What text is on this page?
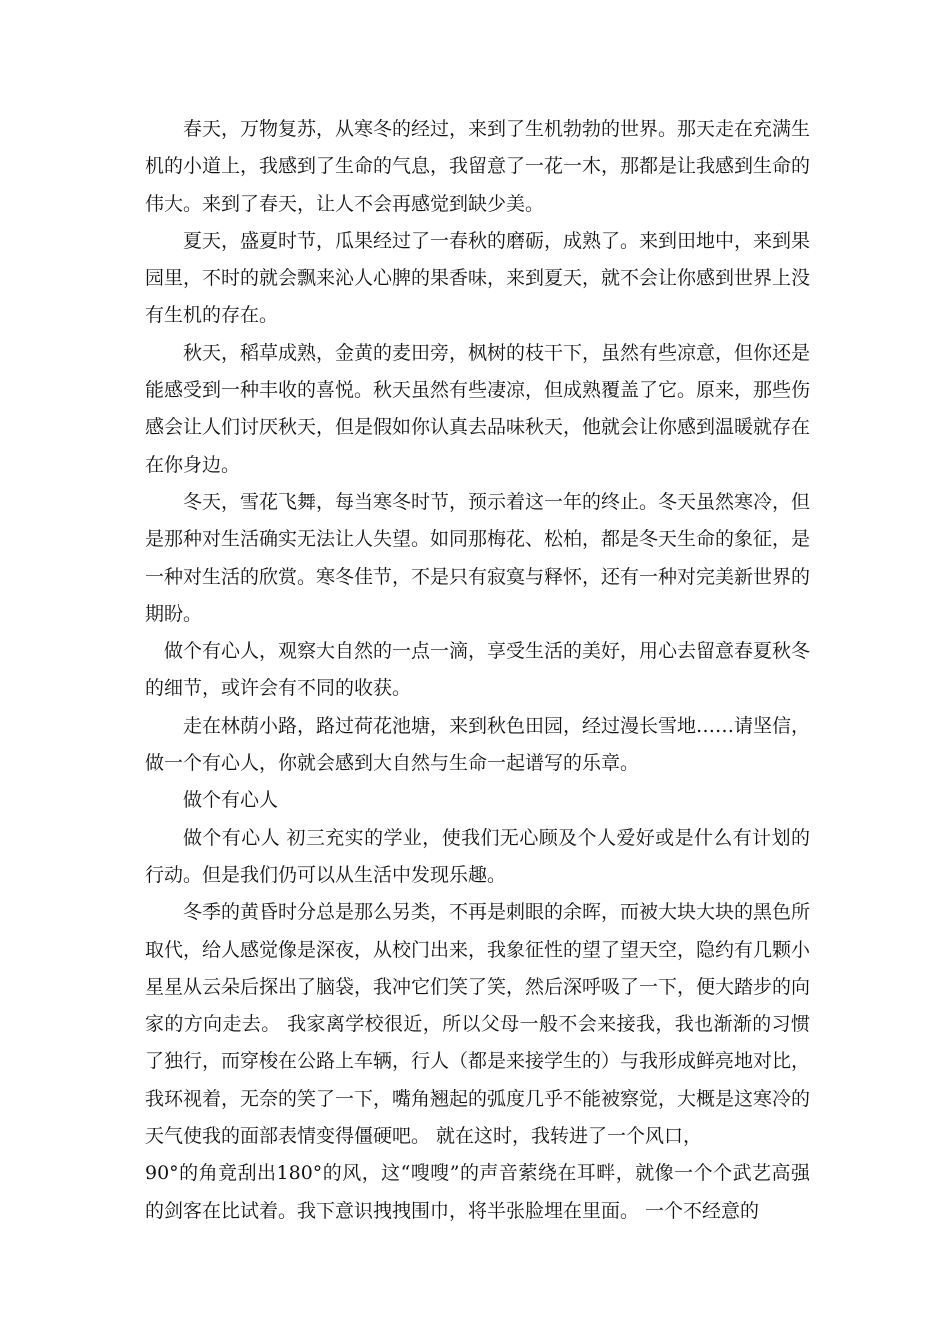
春天，万物复苏，从寒冬的经过，来到了生机勃勃的世界。那天走在充满生机的小道上，我感到了生命的气息，我留意了一花一木，那都是让我感到生命的伟大。来到了春天，让人不会再感觉到缺少美。

夏天，盛夏时节，瓜果经过了一春秋的磨砺，成熟了。来到田地中，来到果园里，不时的就会飘来沁人心脾的果香味，来到夏天，就不会让你感到世界上没有生机的存在。

秋天，稻草成熟，金黄的麦田旁，枫树的枝干下，虽然有些凉意，但你还是能感受到一种丰收的喜悦。秋天虽然有些凄凉，但成熟覆盖了它。原来，那些伤感会让人们讨厌秋天，但是假如你认真去品味秋天，他就会让你感到温暖就存在在你身边。

冬天，雪花飞舞，每当寒冬时节，预示着这一年的终止。冬天虽然寒冷，但是那种对生活确实无法让人失望。如同那梅花、松柏，都是冬天生命的象征，是一种对生活的欣赏。寒冬佳节，不是只有寂寞与释怀，还有一种对完美新世界的期盼。

做个有心人，观察大自然的一点一滴，享受生活的美好，用心去留意春夏秋冬的细节，或许会有不同的收获。

走在林荫小路，路过荷花池塘，来到秋色田园，经过漫长雪地……请坚信，做一个有心人，你就会感到大自然与生命一起谱写的乐章。

做个有心人

做个有心人 初三充实的学业，使我们无心顾及个人爱好或是什么有计划的行动。但是我们仍可以从生活中发现乐趣。

冬季的黄昏时分总是那么另类，不再是刺眼的余晖，而被大块大块的黑色所取代，给人感觉像是深夜，从校门出来，我象征性的望了望天空，隐约有几颗小星星从云朵后探出了脑袋，我冲它们笑了笑，然后深呼吸了一下，便大踏步的向家的方向走去。 我家离学校很近，所以父母一般不会来接我，我也渐渐的习惯了独行，而穿梭在公路上车辆，行人（都是来接学生的）与我形成鲜亮地对比，我环视着，无奈的笑了一下，嘴角翘起的弧度几乎不能被察觉，大概是这寒冷的天气使我的面部表情变得僵硬吧。 就在这时，我转进了一个风口，

90°的角竟刮出180°的风，这“嗖嗖”的声音萦绕在耳畔，就像一个个武艺高强的剑客在比试着。我下意识拽拽围巾，将半张脸埋在里面。 一个不经意的
